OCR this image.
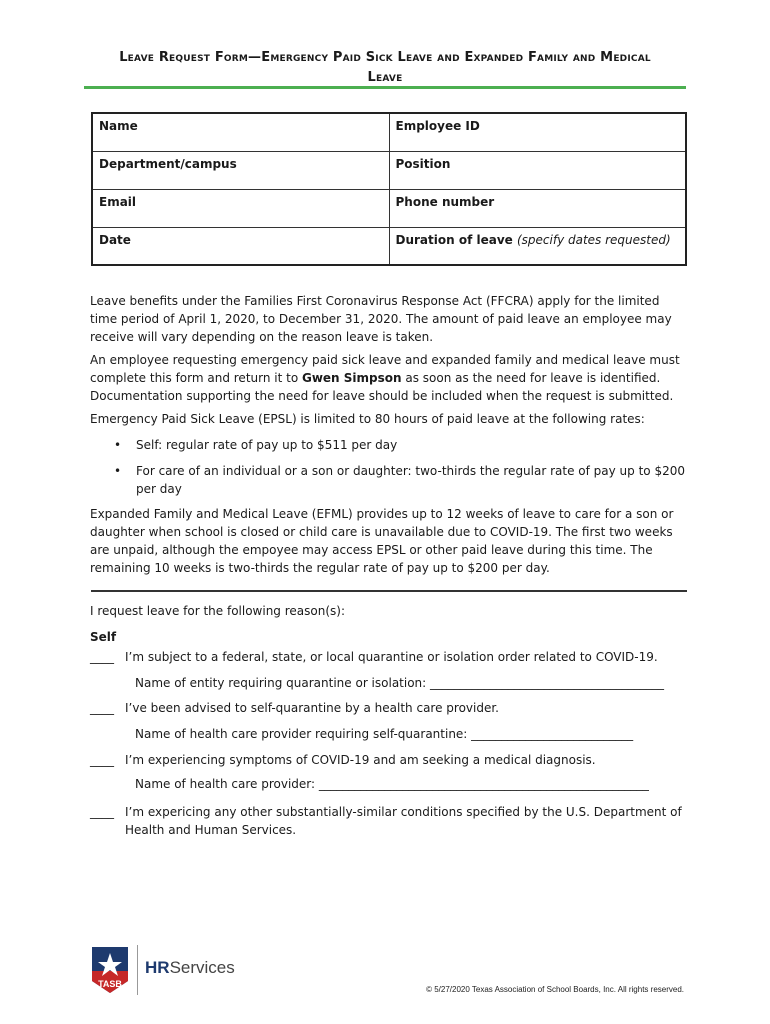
Leave Request Form—Emergency Paid Sick Leave and Expanded Family and Medical
Leave
Name	Employee ID
Department/campus	Position
Email	Phone number
Date	Duration of leave (specify dates requested)
Leave benefits under the Families First Coronavirus Response Act (FFCRA) apply for the limited time period of April 1, 2020, to December 31, 2020. The amount of paid leave an employee may receive will vary depending on the reason leave is taken.
An employee requesting emergency paid sick leave and expanded family and medical leave must complete this form and return it to Gwen Simpson as soon as the need for leave is identified. Documentation supporting the need for leave should be included when the request is submitted.
Emergency Paid Sick Leave (EPSL) is limited to 80 hours of paid leave at the following rates:
• Self: regular rate of pay up to $511 per day
• For care of an individual or a son or daughter: two-thirds the regular rate of pay up to $200 per day
Expanded Family and Medical Leave (EFML) provides up to 12 weeks of leave to care for a son or daughter when school is closed or child care is unavailable due to COVID-19. The first two weeks are unpaid, although the empoyee may access EPSL or other paid leave during this time. The remaining 10 weeks is two-thirds the regular rate of pay up to $200 per day.
I request leave for the following reason(s):
Self
____ I’m subject to a federal, state, or local quarantine or isolation order related to COVID-19.
Name of entity requiring quarantine or isolation: _______________________________________
____ I’ve been advised to self-quarantine by a health care provider.
Name of health care provider requiring self-quarantine: ___________________________
____ I’m experiencing symptoms of COVID-19 and am seeking a medical diagnosis.
Name of health care provider: _______________________________________________________
____ I’m expericing any other substantially-similar conditions specified by the U.S. Department of Health and Human Services.
TASB
HRServices
© 5/27/2020 Texas Association of School Boards, Inc. All rights reserved.
